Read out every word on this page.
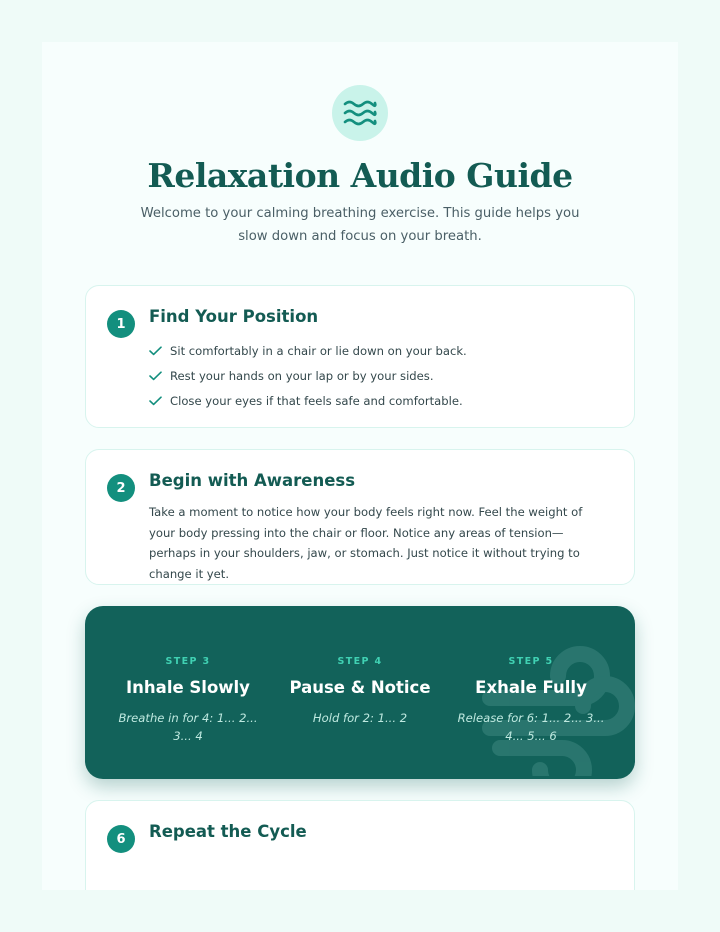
Relaxation Audio Guide

Welcome to your calming breathing exercise. This guide helps you slow down and focus on your breath.

1	Find Your Position
Sit comfortably in a chair or lie down on your back.
Rest your hands on your lap or by your sides.
Close your eyes if that feels safe and comfortable.
2	Begin with Awareness

Take a moment to notice how your body feels right now. Feel the weight of your body pressing into the chair or floor. Notice any areas of tension—perhaps in your shoulders, jaw, or stomach. Just notice it without trying to change it yet.

STEP 3
Inhale Slowly
Breathe in for 4: 1... 2... 3... 4
STEP 4
Pause & Notice
Hold for 2: 1... 2
STEP 5
Exhale Fully
Release for 6: 1... 2... 3... 4... 5... 6
6	Repeat the Cycle
